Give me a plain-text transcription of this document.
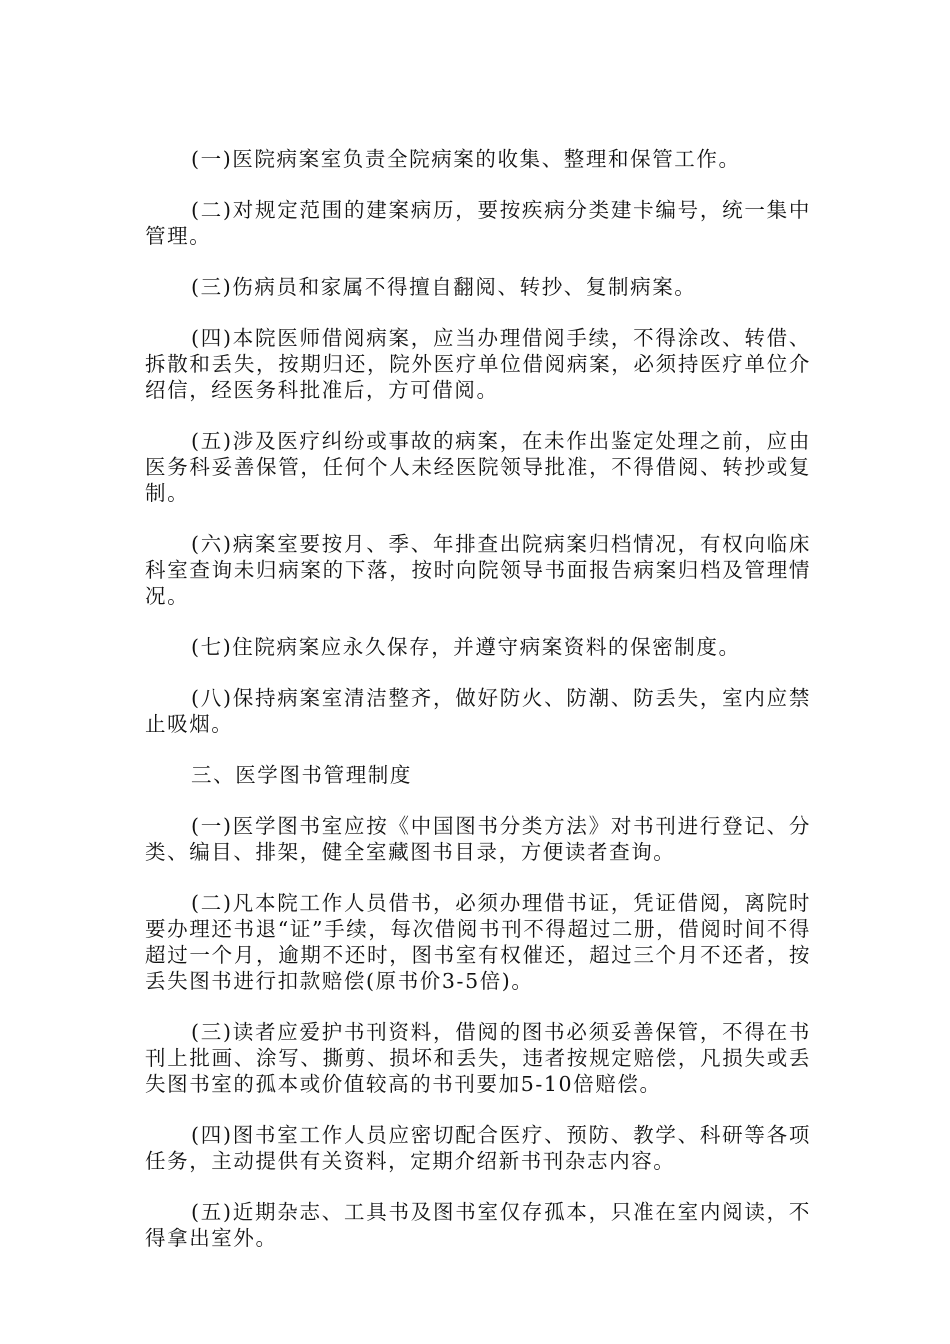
(一)医院病案室负责全院病案的收集、整理和保管工作。

(二)对规定范围的建案病历，要按疾病分类建卡编号，统一集中管理。

(三)伤病员和家属不得擅自翻阅、转抄、复制病案。

(四)本院医师借阅病案，应当办理借阅手续，不得涂改、转借、拆散和丢失，按期归还，院外医疗单位借阅病案，必须持医疗单位介绍信，经医务科批准后，方可借阅。

(五)涉及医疗纠纷或事故的病案，在未作出鉴定处理之前，应由医务科妥善保管，任何个人未经医院领导批准，不得借阅、转抄或复制。

(六)病案室要按月、季、年排查出院病案归档情况，有权向临床科室查询未归病案的下落，按时向院领导书面报告病案归档及管理情况。

(七)住院病案应永久保存，并遵守病案资料的保密制度。

(八)保持病案室清洁整齐，做好防火、防潮、防丢失，室内应禁止吸烟。

三、医学图书管理制度

(一)医学图书室应按《中国图书分类方法》对书刊进行登记、分类、编目、排架，健全室藏图书目录，方便读者查询。

(二)凡本院工作人员借书，必须办理借书证，凭证借阅，离院时要办理还书退“证”手续，每次借阅书刊不得超过二册，借阅时间不得超过一个月，逾期不还时，图书室有权催还，超过三个月不还者，按丢失图书进行扣款赔偿(原书价3-5倍)。

(三)读者应爱护书刊资料，借阅的图书必须妥善保管，不得在书刊上批画、涂写、撕剪、损坏和丢失，违者按规定赔偿，凡损失或丢失图书室的孤本或价值较高的书刊要加5-10倍赔偿。

(四)图书室工作人员应密切配合医疗、预防、教学、科研等各项任务，主动提供有关资料，定期介绍新书刊杂志内容。

(五)近期杂志、工具书及图书室仅存孤本，只准在室内阅读，不得拿出室外。
